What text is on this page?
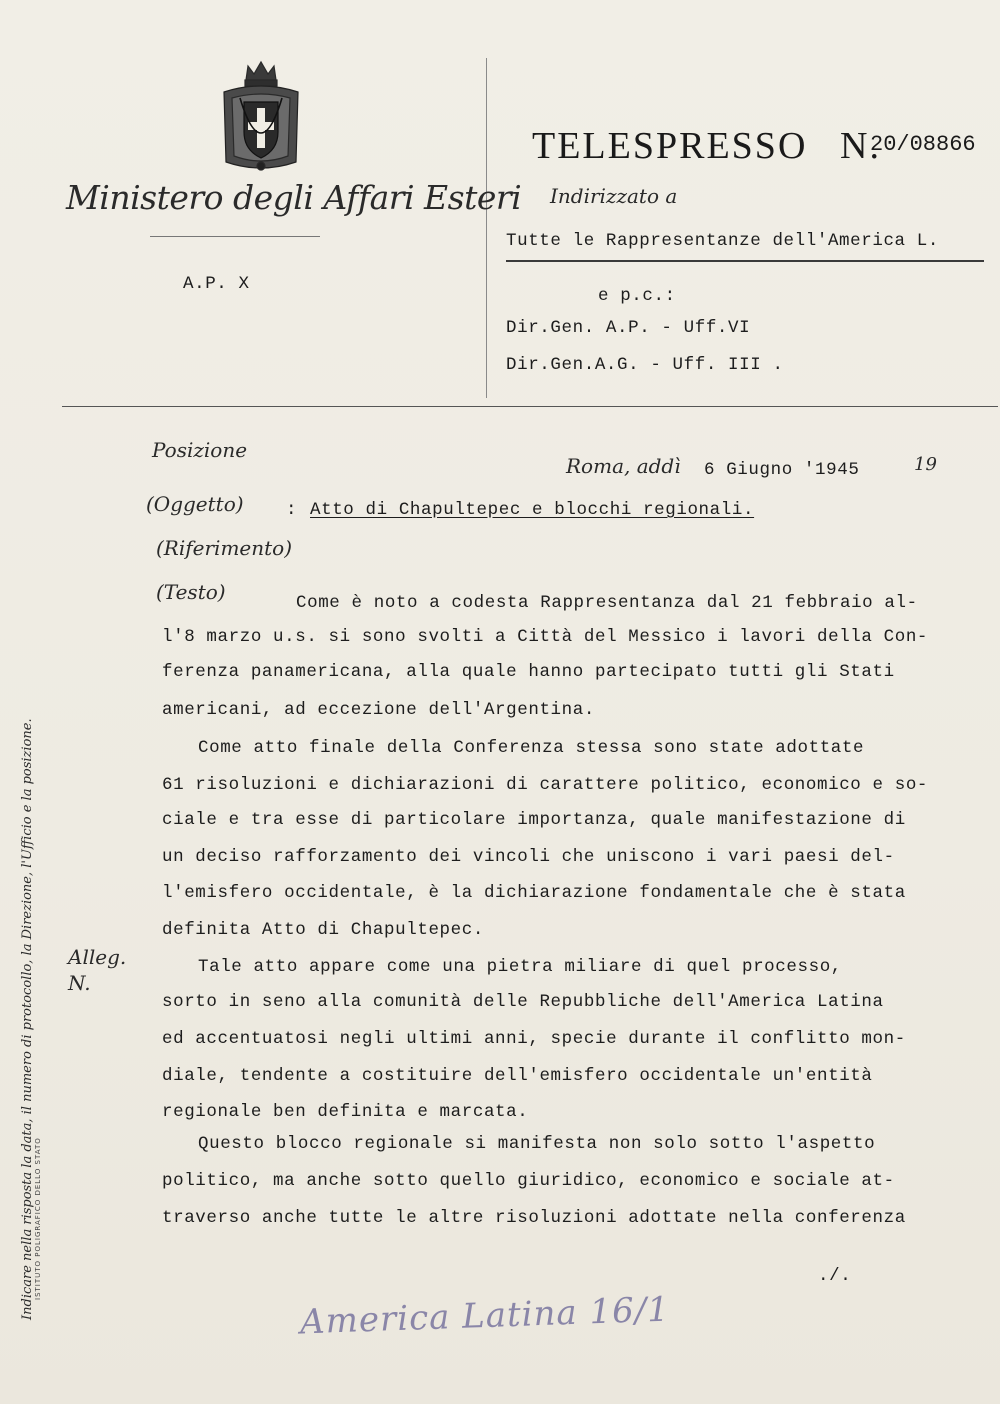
Ministero degli Affari Esteri
TELESPRESSO N.
20/08866
Indirizzato a
Tutte le Rappresentanze dell'America L.
A.P. X
e p.c.:
Dir.Gen. A.P. - Uff.VI
Dir.Gen.A.G. - Uff. III .
Posizione
Roma, addì 6 Giugno '1945	19
(Oggetto) : Atto di Chapultepec e blocchi regionali.
(Riferimento)
(Testo)	Come è noto a codesta Rappresentanza dal 21 febbraio al-
l'8 marzo u.s. si sono svolti a Città del Messico i lavori della Con-
ferenza panamericana, alla quale hanno partecipato tutti gli Stati
americani, ad eccezione dell'Argentina.
Come atto finale della Conferenza stessa sono state adottate
61 risoluzioni e dichiarazioni di carattere politico, economico e so-
ciale e tra esse di particolare importanza, quale manifestazione di
un deciso rafforzamento dei vincoli che uniscono i vari paesi del-
l'emisfero occidentale, è la dichiarazione fondamentale che è stata
definita Atto di Chapultepec.
Alleg. N.
Tale atto appare come una pietra miliare di quel processo,
sorto in seno alla comunità delle Repubbliche dell'America Latina
ed accentuatosi negli ultimi anni, specie durante il conflitto mon-
diale, tendente a costituire dell'emisfero occidentale un'entità
regionale ben definita e marcata.
Questo blocco regionale si manifesta non solo sotto l'aspetto
politico, ma anche sotto quello giuridico, economico e sociale at-
traverso anche tutte le altre risoluzioni adottate nella conferenza
./.
Indicare nella risposta la data, il numero di protocollo, la Direzione, l'Ufficio e la posizione. ISTITUTO POLIGRAFICO DELLO STATO
America Latina 16/1
